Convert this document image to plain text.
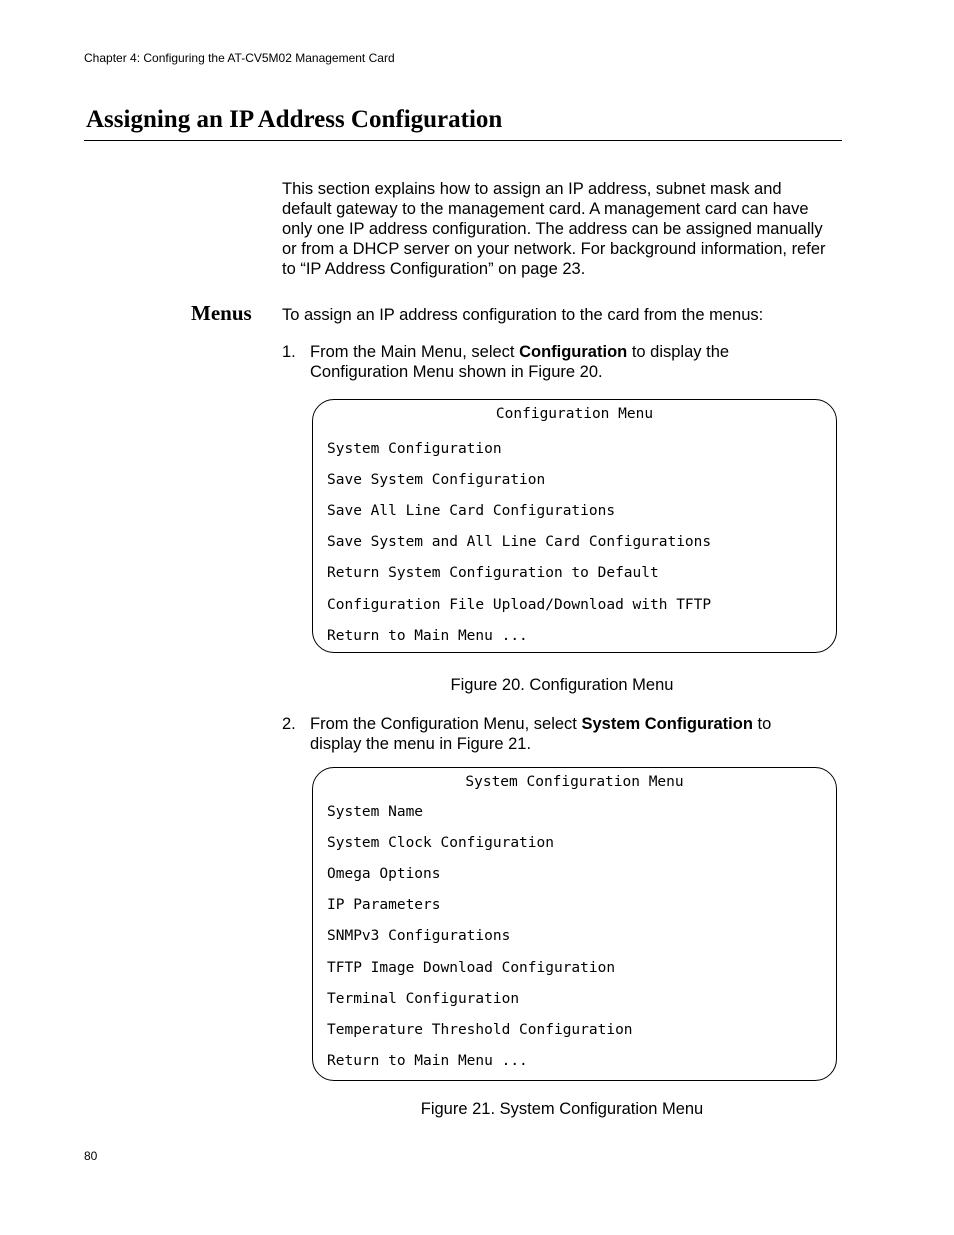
Chapter 4: Configuring the AT-CV5M02 Management Card
Assigning an IP Address Configuration
This section explains how to assign an IP address, subnet mask and
default gateway to the management card. A management card can have
only one IP address configuration. The address can be assigned manually
or from a DHCP server on your network. For background information, refer
to “IP Address Configuration” on page 23.
Menus To assign an IP address configuration to the card from the menus:
1. From the Main Menu, select Configuration to display the
Configuration Menu shown in Figure 20.
Configuration Menu
System Configuration
Save System Configuration
Save All Line Card Configurations
Save System and All Line Card Configurations
Return System Configuration to Default
Configuration File Upload/Download with TFTP
Return to Main Menu ...
Figure 20. Configuration Menu
2. From the Configuration Menu, select System Configuration to
display the menu in Figure 21.
System Configuration Menu
System Name
System Clock Configuration
Omega Options
IP Parameters
SNMPv3 Configurations
TFTP Image Download Configuration
Terminal Configuration
Temperature Threshold Configuration
Return to Main Menu ...
Figure 21. System Configuration Menu
80
